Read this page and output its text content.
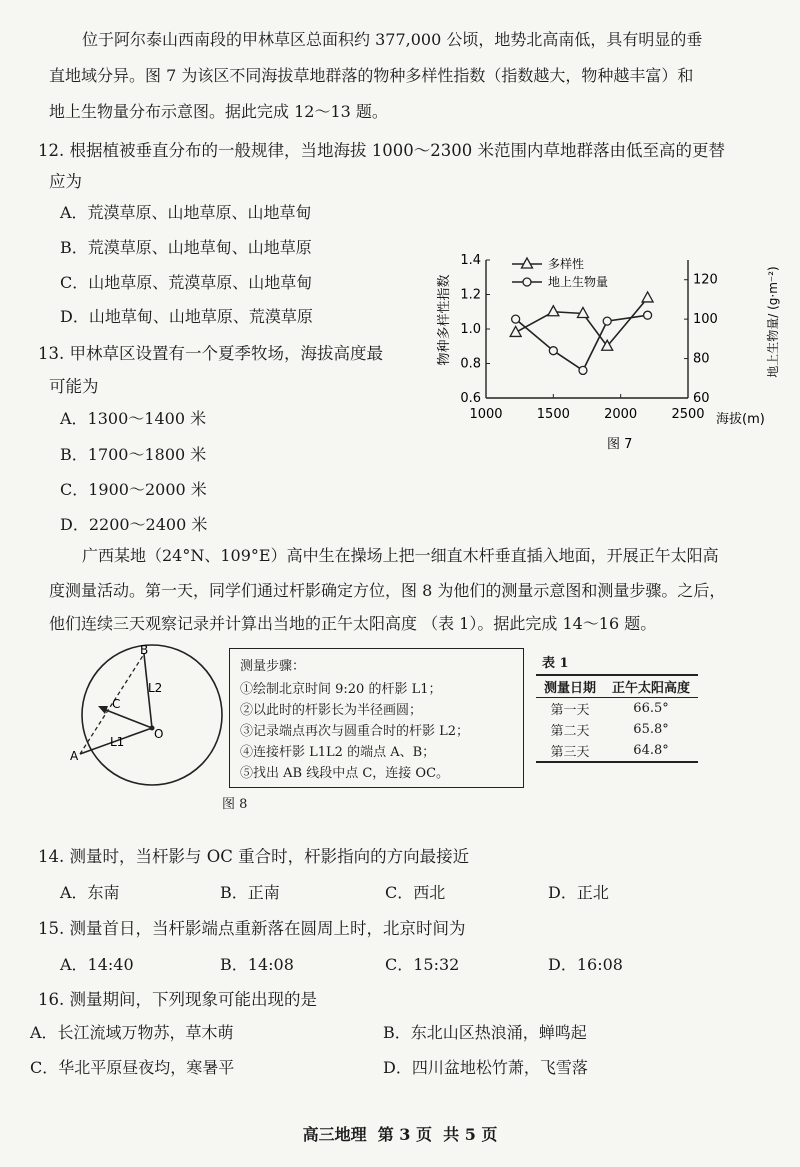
位于阿尔泰山西南段的甲林草区总面积约 377,000 公顷，地势北高南低，具有明显的垂
直地域分异。图 7 为该区不同海拔草地群落的物种多样性指数（指数越大，物种越丰富）和
地上生物量分布示意图。据此完成 12～13 题。
12. 根据植被垂直分布的一般规律，当地海拔 1000～2300 米范围内草地群落由低至高的更替
应为
A．荒漠草原、山地草原、山地草甸
B．荒漠草原、山地草甸、山地草原
C．山地草原、荒漠草原、山地草甸
D．山地草甸、山地草原、荒漠草原
13. 甲林草区设置有一个夏季牧场，海拔高度最
可能为
A．1300～1400 米
B．1700～1800 米
C．1900～2000 米
D．2200～2400 米
1000	1500	2000	2500
0.6
0.8
1.0
1.2
1.4
60
80
100
120
多样性
地上生物量
物种多样性指数	地上生物量/ (g·m⁻²)
海拔(m)
图 7
广西某地（24°N、109°E）高中生在操场上把一细直木杆垂直插入地面，开展正午太阳高
度测量活动。第一天，同学们通过杆影确定方位，图 8 为他们的测量示意图和测量步骤。之后，
他们连续三天观察记录并计算出当地的正午太阳高度 （表 1）。据此完成 14～16 题。
A
B
C
O
L1
L2
图 8
测量步骤：
①绘制北京时间 9:20 的杆影 L1；
②以此时的杆影长为半径画圆；
③记录端点再次与圆重合时的杆影 L2；
④连接杆影 L1L2 的端点 A、B；
⑤找出 AB 线段中点 C，连接 OC。
表 1
测量日期	正午太阳高度
第一天	66.5°
第二天	65.8°
第三天	64.8°
14. 测量时，当杆影与 OC 重合时，杆影指向的方向最接近
A．东南	B．正南	C．西北	D．正北
15. 测量首日，当杆影端点重新落在圆周上时，北京时间为
A．14:40	B．14:08	C．15:32	D．16:08
16. 测量期间，下列现象可能出现的是
A．长江流域万物苏，草木萌	B．东北山区热浪涌，蝉鸣起
C．华北平原昼夜均，寒暑平	D．四川盆地松竹萧，飞雪落
高三地理  第 3 页  共 5 页
